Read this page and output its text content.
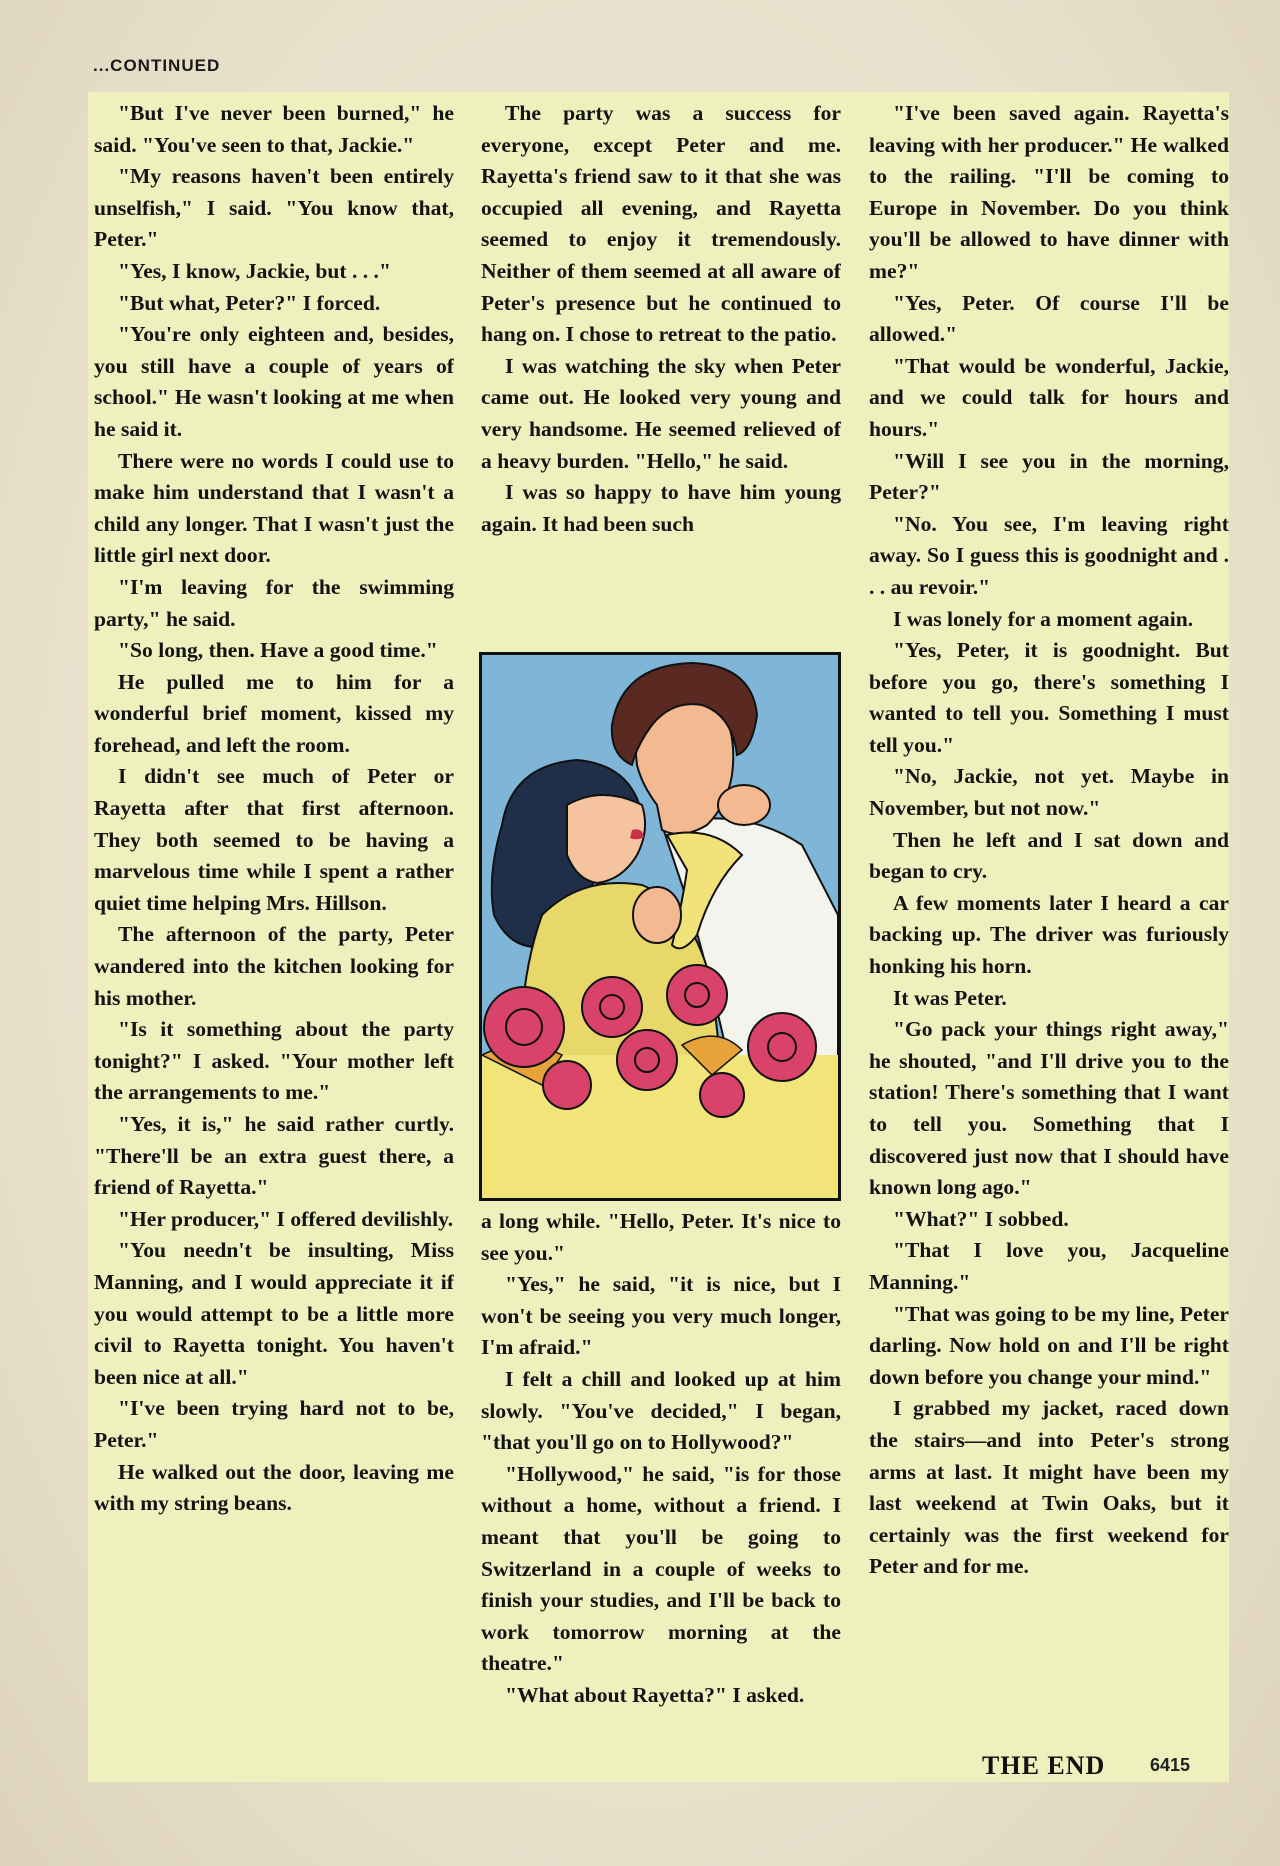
...CONTINUED

"But I've never been burned," he said. "You've seen to that, Jackie."

"My reasons haven't been entirely unselfish," I said. "You know that, Peter."

"Yes, I know, Jackie, but . . ."

"But what, Peter?" I forced.

"You're only eighteen and, besides, you still have a couple of years of school." He wasn't looking at me when he said it.

There were no words I could use to make him understand that I wasn't a child any longer. That I wasn't just the little girl next door.

"I'm leaving for the swimming party," he said.

"So long, then. Have a good time."

He pulled me to him for a wonderful brief moment, kissed my forehead, and left the room.

I didn't see much of Peter or Rayetta after that first afternoon. They both seemed to be having a marvelous time while I spent a rather quiet time helping Mrs. Hillson.

The afternoon of the party, Peter wandered into the kitchen looking for his mother.

"Is it something about the party tonight?" I asked. "Your mother left the arrangements to me."

"Yes, it is," he said rather curtly. "There'll be an extra guest there, a friend of Rayetta."

"Her producer," I offered devilishly.

"You needn't be insulting, Miss Manning, and I would appreciate it if you would attempt to be a little more civil to Rayetta tonight. You haven't been nice at all."

"I've been trying hard not to be, Peter."

He walked out the door, leaving me with my string beans.

The party was a success for everyone, except Peter and me. Rayetta's friend saw to it that she was occupied all evening, and Rayetta seemed to enjoy it tremendously. Neither of them seemed at all aware of Peter's presence but he continued to hang on. I chose to retreat to the patio.

I was watching the sky when Peter came out. He looked very young and very handsome. He seemed relieved of a heavy burden. "Hello," he said.

I was so happy to have him young again. It had been such

a long while. "Hello, Peter. It's nice to see you."

"Yes," he said, "it is nice, but I won't be seeing you very much longer, I'm afraid."

I felt a chill and looked up at him slowly. "You've decided," I began, "that you'll go on to Hollywood?"

"Hollywood," he said, "is for those without a home, without a friend. I meant that you'll be going to Switzerland in a couple of weeks to finish your studies, and I'll be back to work tomorrow morning at the theatre."

"What about Rayetta?" I asked.

"I've been saved again. Rayetta's leaving with her producer." He walked to the railing. "I'll be coming to Europe in November. Do you think you'll be allowed to have dinner with me?"

"Yes, Peter. Of course I'll be allowed."

"That would be wonderful, Jackie, and we could talk for hours and hours."

"Will I see you in the morning, Peter?"

"No. You see, I'm leaving right away. So I guess this is goodnight and . . . au revoir."

I was lonely for a moment again.

"Yes, Peter, it is goodnight. But before you go, there's something I wanted to tell you. Something I must tell you."

"No, Jackie, not yet. Maybe in November, but not now."

Then he left and I sat down and began to cry.

A few moments later I heard a car backing up. The driver was furiously honking his horn.

It was Peter.

"Go pack your things right away," he shouted, "and I'll drive you to the station! There's something that I want to tell you. Something that I discovered just now that I should have known long ago."

"What?" I sobbed.

"That I love you, Jacqueline Manning."

"That was going to be my line, Peter darling. Now hold on and I'll be right down before you change your mind."

I grabbed my jacket, raced down the stairs—and into Peter's strong arms at last. It might have been my last weekend at Twin Oaks, but it certainly was the first weekend for Peter and for me.

THE END 6415
